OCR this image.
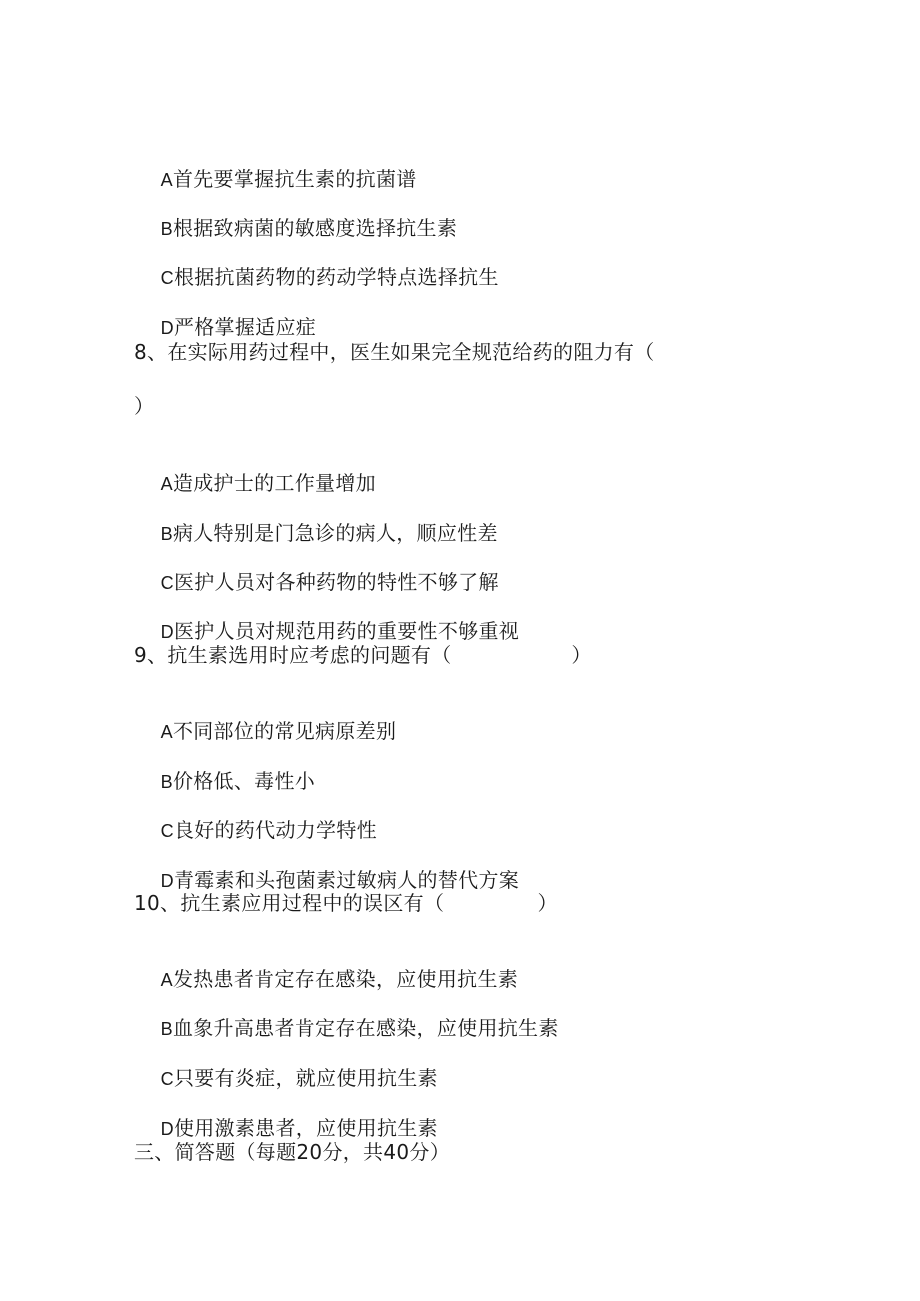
A首先要掌握抗生素的抗菌谱

B根据致病菌的敏感度选择抗生素

C根据抗菌药物的药动学特点选择抗生

D严格掌握适应症

8、在实际用药过程中，医生如果完全规范给药的阻力有（
）

A造成护士的工作量增加

B病人特别是门急诊的病人，顺应性差

C医护人员对各种药物的特性不够了解

D医护人员对规范用药的重要性不够重视

9、抗生素选用时应考虑的问题有（                  ）

A不同部位的常见病原差别

B价格低、毒性小

C良好的药代动力学特性

D青霉素和头孢菌素过敏病人的替代方案

10、抗生素应用过程中的误区有（              ）

A发热患者肯定存在感染，应使用抗生素

B血象升高患者肯定存在感染，应使用抗生素

C只要有炎症，就应使用抗生素

D使用激素患者，应使用抗生素

三、简答题（每题20分，共40分）
